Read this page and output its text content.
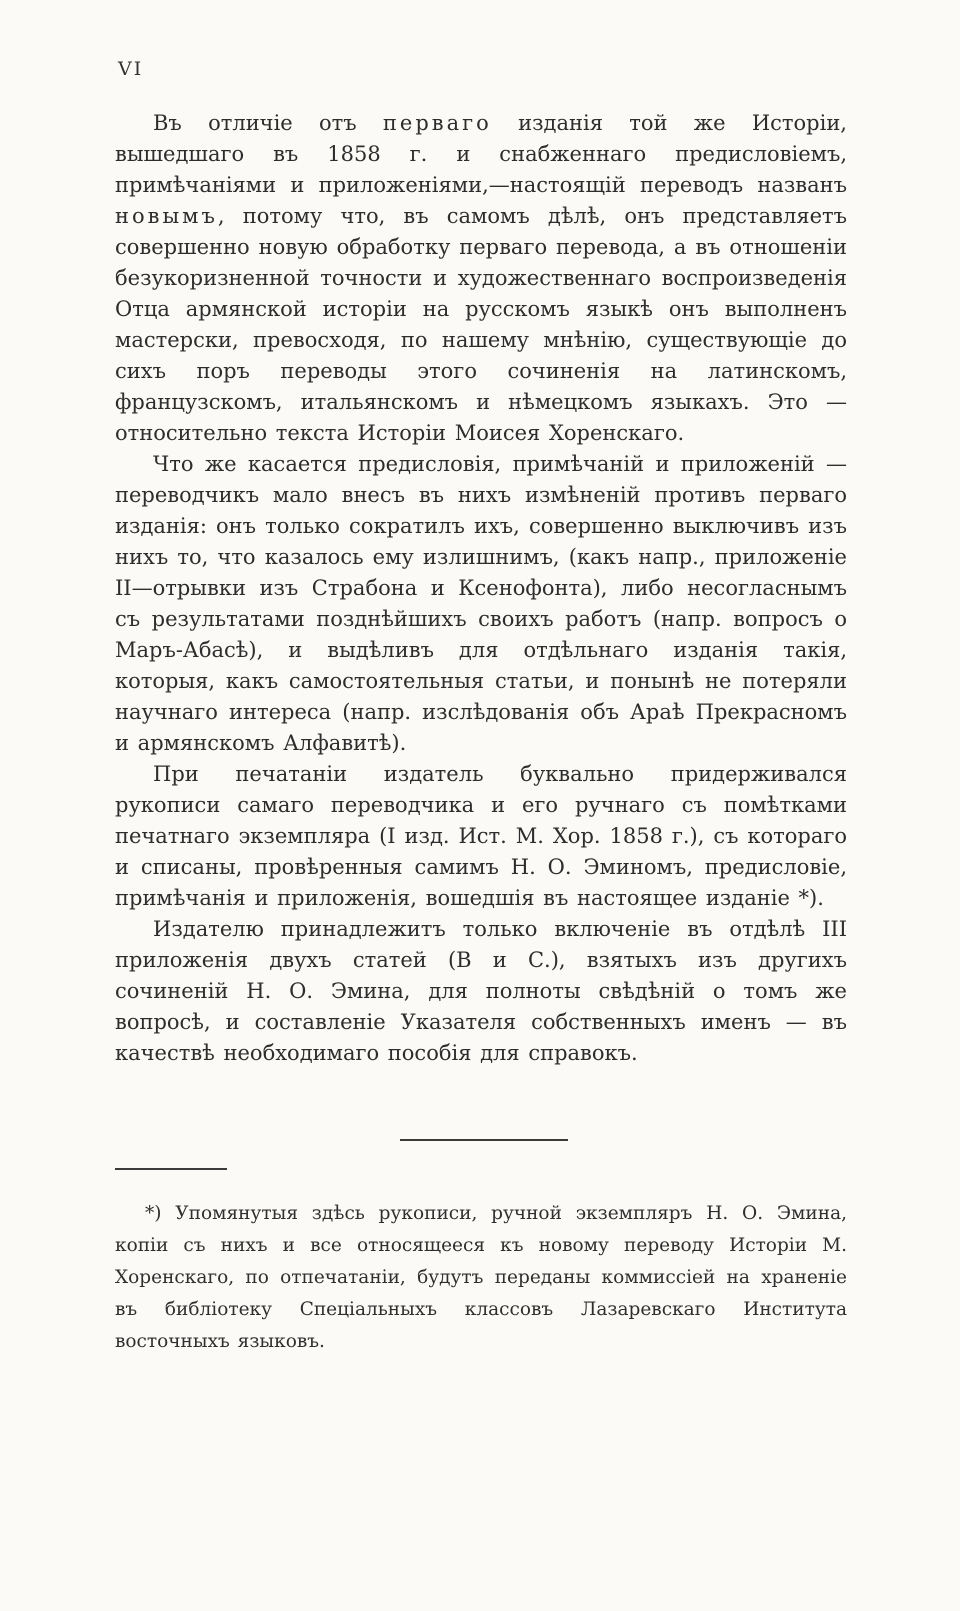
VI

Въ отличіе отъ перваго изданія той же Исторіи, вышедшаго въ 1858 г. и снабженнаго предисловіемъ, примѣчаніями и приложеніями,—настоящій переводъ названъ новымъ, потому что, въ самомъ дѣлѣ, онъ представляетъ совершенно новую обработку перваго перевода, а въ отношеніи безукоризненной точности и художественнаго воспроизведенія Отца армянской исторіи на русскомъ языкѣ онъ выполненъ мастерски, превосходя, по нашему мнѣнію, существующіе до сихъ поръ переводы этого сочиненія на латинскомъ, французскомъ, итальянскомъ и нѣмецкомъ языкахъ. Это — относительно текста Исторіи Моисея Хоренскаго.

Что же касается предисловія, примѣчаній и приложеній — переводчикъ мало внесъ въ нихъ измѣненій противъ перваго изданія: онъ только сократилъ ихъ, совершенно выключивъ изъ нихъ то, что казалось ему излишнимъ, (какъ напр., приложеніе II—отрывки изъ Страбона и Ксенофонта), либо несогласнымъ съ результатами позднѣйшихъ своихъ работъ (напр. вопросъ о Маръ-Абасѣ), и выдѣливъ для отдѣльнаго изданія такія, которыя, какъ самостоятельныя статьи, и понынѣ не потеряли научнаго интереса (напр. изслѣдованія объ Араѣ Прекрасномъ и армянскомъ Алфавитѣ).

При печатаніи издатель буквально придерживался рукописи самаго переводчика и его ручнаго съ помѣтками печатнаго экземпляра (I изд. Ист. М. Хор. 1858 г.), съ котораго и списаны, провѣренныя самимъ Н. О. Эминомъ, предисловіе, примѣчанія и приложенія, вошедшія въ настоящее изданіе *).

Издателю принадлежитъ только включеніе въ отдѣлѣ III приложенія двухъ статей (В и С.), взятыхъ изъ другихъ сочиненій Н. О. Эмина, для полноты свѣдѣній о томъ же вопросѣ, и составленіе Указателя собственныхъ именъ — въ качествѣ необходимаго пособія для справокъ.

*) Упомянутыя здѣсь рукописи, ручной экземпляръ Н. О. Эмина, копіи съ нихъ и все относящееся къ новому переводу Исторіи М. Хоренскаго, по отпечатаніи, будутъ переданы коммиссіей на храненіе въ библіотеку Спеціальныхъ классовъ Лазаревскаго Института восточныхъ языковъ.
